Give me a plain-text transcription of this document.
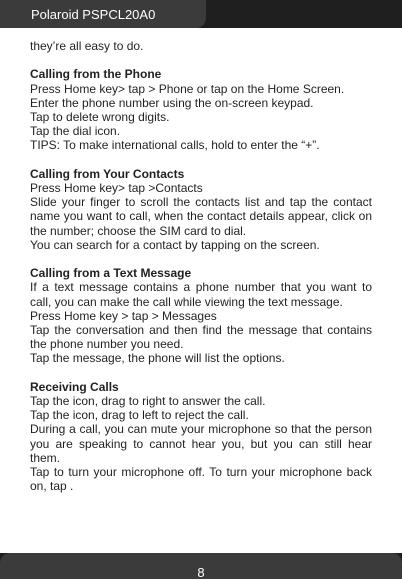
Polaroid PSPCL20A0

they’re all easy to do.

Calling from the Phone

Press Home key> tap > Phone or tap on the Home Screen.

Enter the phone number using the on-screen keypad.

Tap to delete wrong digits.

Tap the dial icon.

TIPS: To make international calls, hold to enter the “+”.

Calling from Your Contacts

Press Home key> tap >Contacts

Slide your finger to scroll the contacts list and tap the contact name you want to call, when the contact details appear, click on the number; choose the SIM card to dial.

You can search for a contact by tapping on the screen.

Calling from a Text Message

If a text message contains a phone number that you want to call, you can make the call while viewing the text message.

Press Home key > tap > Messages

Tap the conversation and then find the message that contains the phone number you need.

Tap the message, the phone will list the options.

Receiving Calls

Tap the icon, drag to right to answer the call.

Tap the icon, drag to left to reject the call.

During a call, you can mute your microphone so that the person you are speaking to cannot hear you, but you can still hear them.

Tap to turn your microphone off. To turn your microphone back on, tap .

8
